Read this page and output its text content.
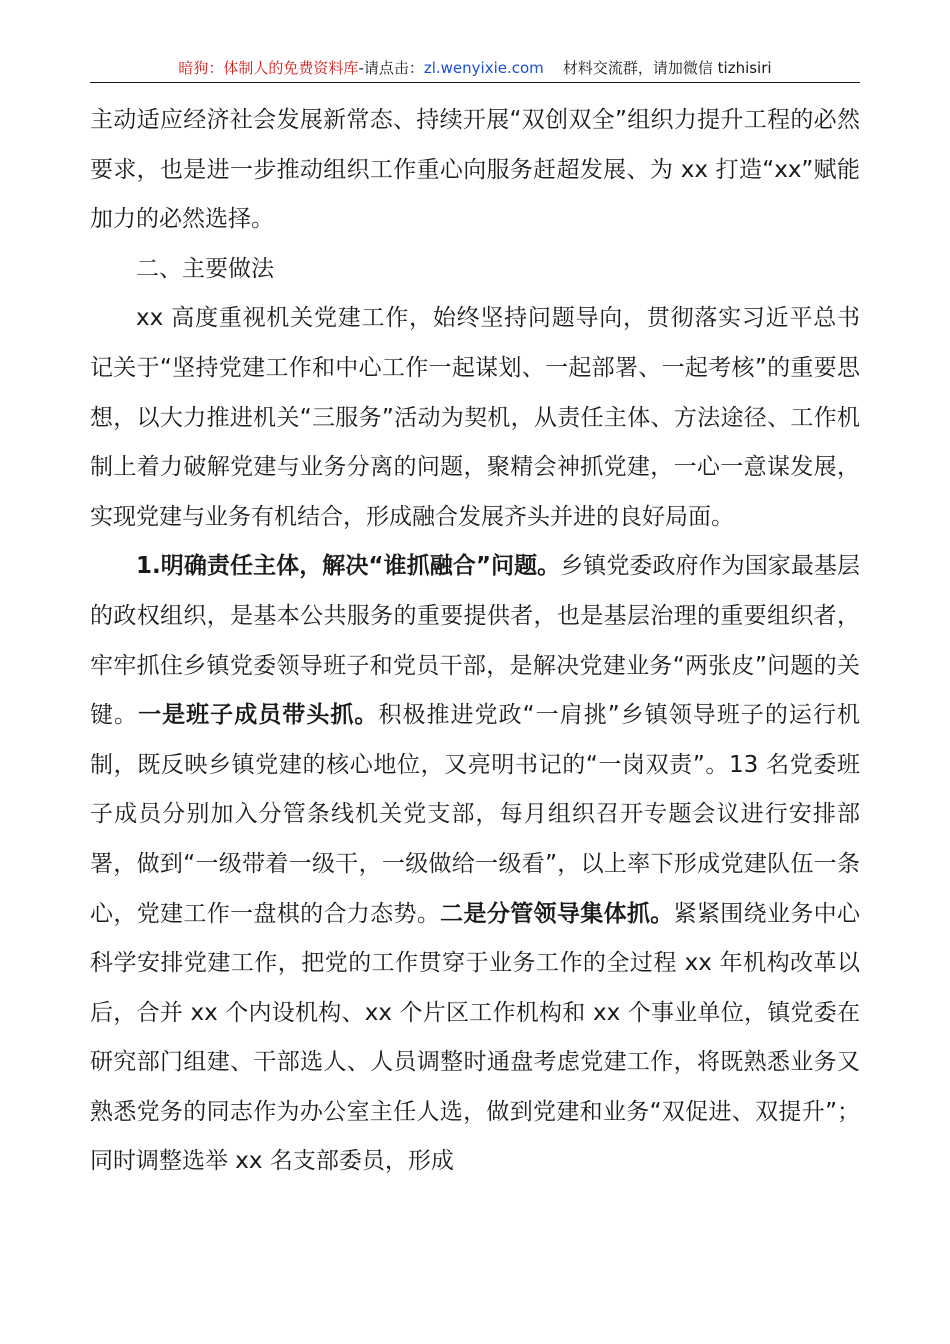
暗狗：体制人的免费资料库-请点击：zl.wenyixie.com 材料交流群，请加微信 tizhisiri

主动适应经济社会发展新常态、持续开展“双创双全”组织力提升工程的必然要求，也是进一步推动组织工作重心向服务赶超发展、为 xx 打造“xx”赋能加力的必然选择。

二、主要做法

xx 高度重视机关党建工作，始终坚持问题导向，贯彻落实习近平总书记关于“坚持党建工作和中心工作一起谋划、一起部署、一起考核”的重要思想，以大力推进机关“三服务”活动为契机，从责任主体、方法途径、工作机制上着力破解党建与业务分离的问题，聚精会神抓党建，一心一意谋发展，实现党建与业务有机结合，形成融合发展齐头并进的良好局面。

1.明确责任主体，解决“谁抓融合”问题。乡镇党委政府作为国家最基层的政权组织，是基本公共服务的重要提供者，也是基层治理的重要组织者，牢牢抓住乡镇党委领导班子和党员干部，是解决党建业务“两张皮”问题的关键。一是班子成员带头抓。积极推进党政“一肩挑”乡镇领导班子的运行机制，既反映乡镇党建的核心地位，又亮明书记的“一岗双责”。13 名党委班子成员分别加入分管条线机关党支部，每月组织召开专题会议进行安排部署，做到“一级带着一级干，一级做给一级看”，以上率下形成党建队伍一条心，党建工作一盘棋的合力态势。二是分管领导集体抓。紧紧围绕业务中心科学安排党建工作，把党的工作贯穿于业务工作的全过程 xx 年机构改革以后，合并 xx 个内设机构、xx 个片区工作机构和 xx 个事业单位，镇党委在研究部门组建、干部选人、人员调整时通盘考虑党建工作，将既熟悉业务又熟悉党务的同志作为办公室主任人选，做到党建和业务“双促进、双提升”；同时调整选举 xx 名支部委员，形成
